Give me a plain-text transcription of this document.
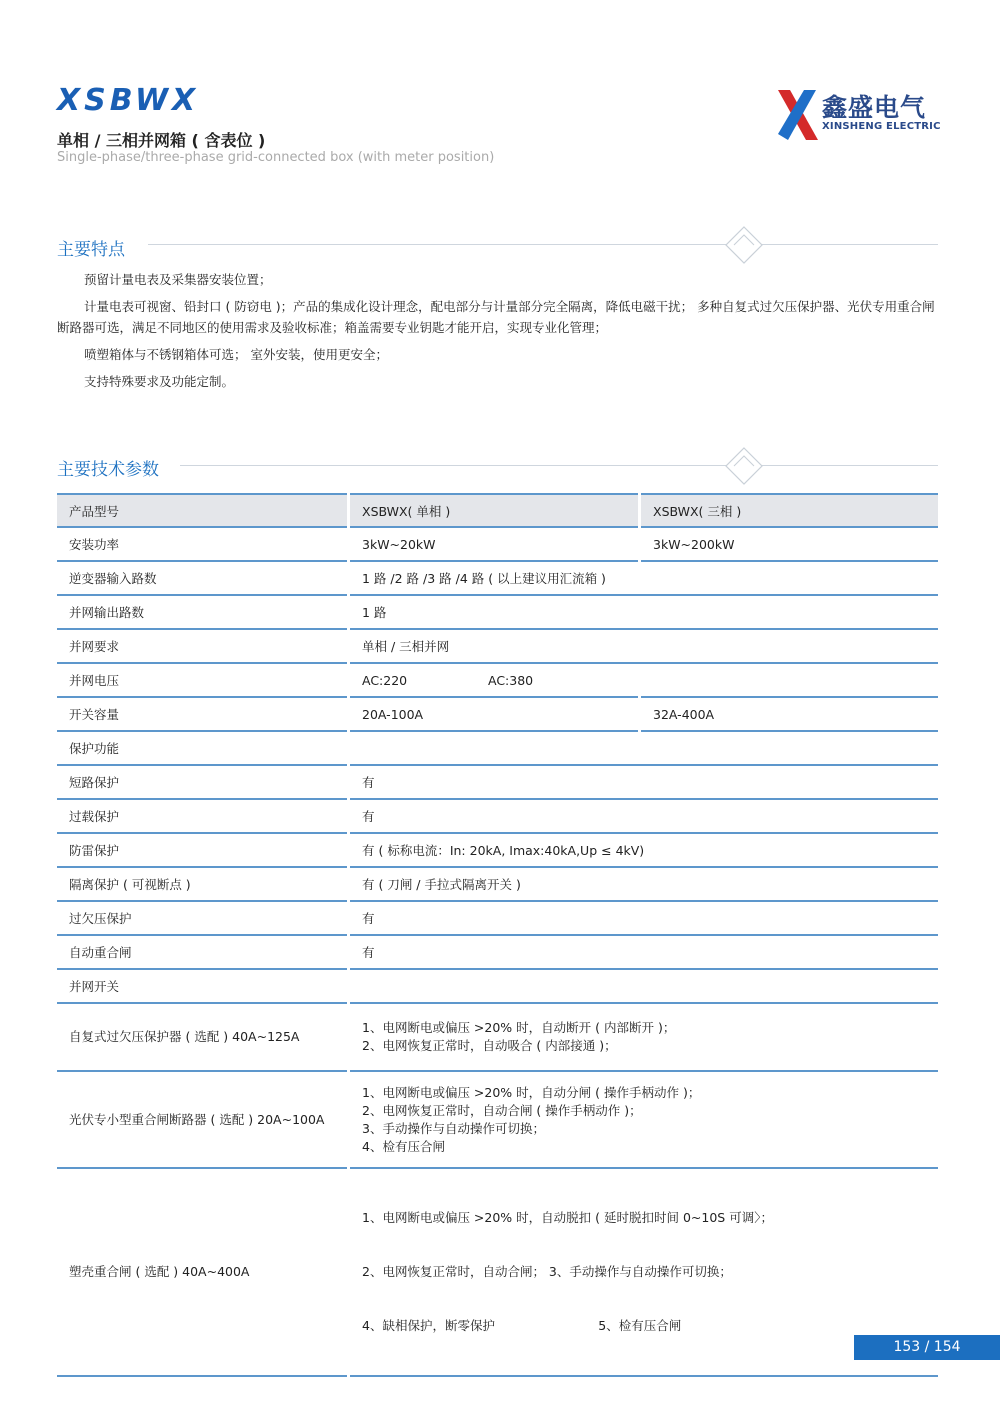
XSBWX
单相 / 三相并网箱 ( 含表位 )
Single-phase/three-phase grid-connected box (with meter position)
鑫盛电气
XINSHENG ELECTRIC
主要特点

预留计量电表及采集器安装位置；

计量电表可视窗、铅封口 ( 防窃电 )；产品的集成化设计理念，配电部分与计量部分完全隔离，降低电磁干扰； 多种自复式过欠压保护器、光伏专用重合闸断路器可选，满足不同地区的使用需求及验收标准；箱盖需要专业钥匙才能开启，实现专业化管理；

喷塑箱体与不锈钢箱体可选； 室外安装，使用更安全；

支持特殊要求及功能定制。

主要技术参数
产品型号	XSBWX( 单相 )	XSBWX( 三相 )
安装功率	3kW~20kW	3kW~200kW
逆变器输入路数	1 路 /2 路 /3 路 /4 路 ( 以上建议用汇流箱 )	
并网输出路数	1 路	
并网要求	单相 / 三相并网	
并网电压	AC:220 AC:380	
开关容量	20A-100A	32A-400A
保护功能		
短路保护	有	
过载保护	有	
防雷保护	有 ( 标称电流：In: 20kA, Imax:40kA,Up ≤ 4kV)	
隔离保护 ( 可视断点 )	有 ( 刀闸 / 手拉式隔离开关 )	
过欠压保护	有	
自动重合闸	有	
并网开关		
自复式过欠压保护器 ( 选配 ) 40A~125A	1、电网断电或偏压 >20% 时，自动断开 ( 内部断开 )；
2、电网恢复正常时，自动吸合 ( 内部接通 )；	

光伏专小型重合闸断路器 ( 选配 ) 20A~100A	1、电网断电或偏压 >20% 时，自动分闸 ( 操作手柄动作 )；
2、电网恢复正常时，自动合闸 ( 操作手柄动作 )；
3、手动操作与自动操作可切换；
4、检有压合闸	

塑壳重合闸 ( 选配 ) 40A~400A	1、电网断电或偏压 >20% 时，自动脱扣 ( 延时脱扣时间 0~10S 可调〉；

2、电网恢复正常时，自动合闸； 3、手动操作与自动操作可切换；

4、缺相保护，断零保护                          5、检有压合闸	

153 / 154
